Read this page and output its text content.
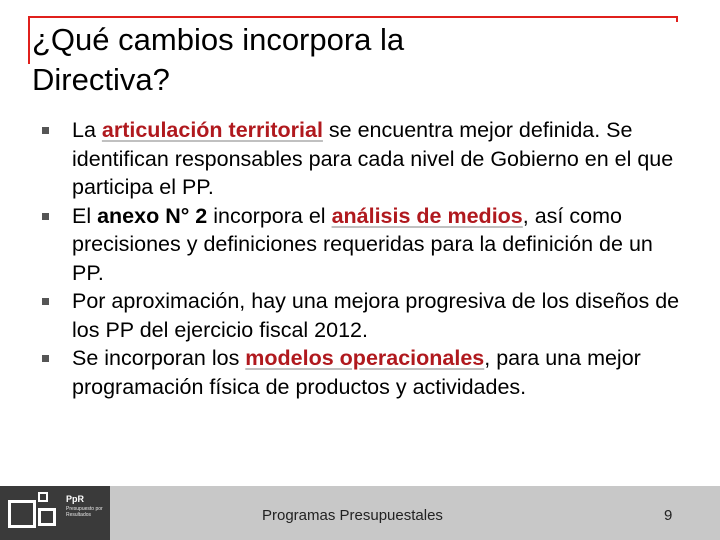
¿Qué cambios incorpora la
Directiva?
La articulación territorial se encuentra mejor definida. Se identifican responsables para cada nivel de Gobierno en el que participa el PP.
El anexo N° 2 incorpora el análisis de medios, así como precisiones y definiciones requeridas para la definición de un PP.
Por aproximación, hay una mejora progresiva de los diseños de los PP del ejercicio fiscal 2012.
Se incorporan los modelos operacionales, para una mejor programación física de productos y actividades.
PpR
Presupuesto por Resultados	Programas Presupuestales	9
